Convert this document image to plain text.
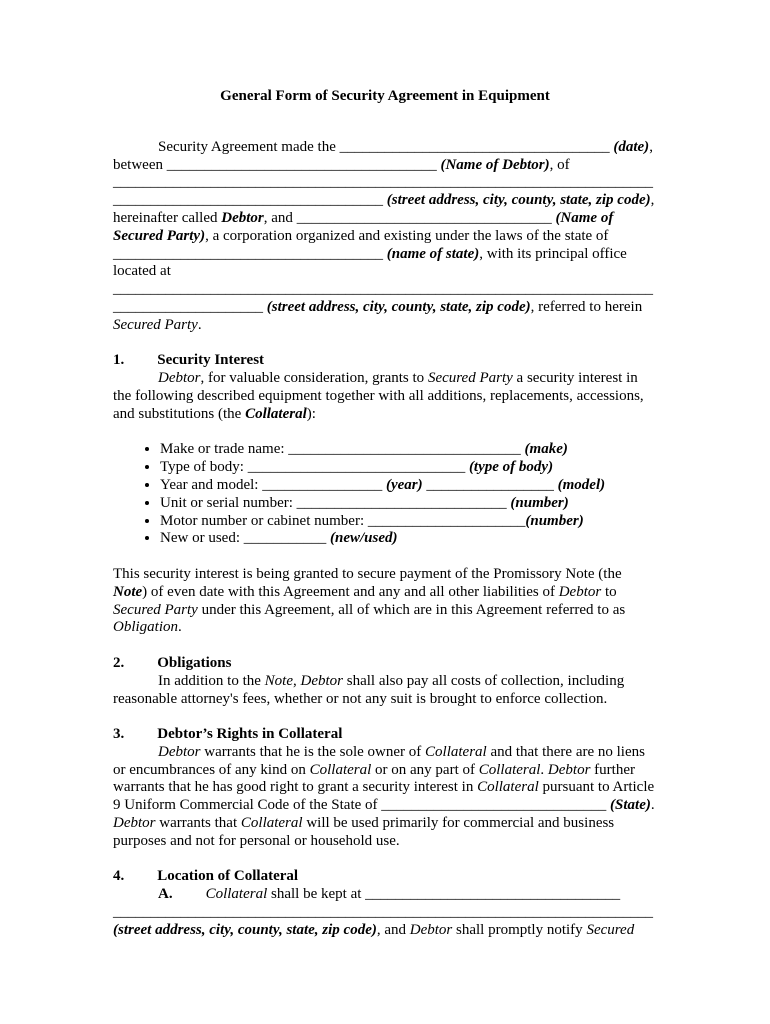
General Form of Security Agreement in Equipment

Security Agreement made the ____________________________________ (date), between ____________________________________ (Name of Debtor), of ____________________________________________________________________________________________________________ (street address, city, county, state, zip code), hereinafter called Debtor, and __________________________________ (Name of Secured Party), a corporation organized and existing under the laws of the state of ____________________________________ (name of state), with its principal office located at ____________________________________________________________________________________________ (street address, city, county, state, zip code), referred to herein Secured Party.

1. Security Interest

Debtor, for valuable consideration, grants to Secured Party a security interest in the following described equipment together with all additions, replacements, accessions, and substitutions (the Collateral):

• Make or trade name: _______________________________ (make)
• Type of body: _____________________________ (type of body)
• Year and model: ________________ (year) _________________ (model)
• Unit or serial number: ____________________________ (number)
• Motor number or cabinet number: _____________________(number)
• New or used: ___________ (new/used)

This security interest is being granted to secure payment of the Promissory Note (the Note) of even date with this Agreement and any and all other liabilities of Debtor to Secured Party under this Agreement, all of which are in this Agreement referred to as Obligation.

2. Obligations

In addition to the Note, Debtor shall also pay all costs of collection, including reasonable attorney's fees, whether or not any suit is brought to enforce collection.

3. Debtor’s Rights in Collateral

Debtor warrants that he is the sole owner of Collateral and that there are no liens or encumbrances of any kind on Collateral or on any part of Collateral. Debtor further warrants that he has good right to grant a security interest in Collateral pursuant to Article 9 Uniform Commercial Code of the State of ______________________________ (State). Debtor warrants that Collateral will be used primarily for commercial and business purposes and not for personal or household use.

4. Location of Collateral

A. Collateral shall be kept at __________________________________

________________________________________________________________________

(street address, city, county, state, zip code), and Debtor shall promptly notify Secured
